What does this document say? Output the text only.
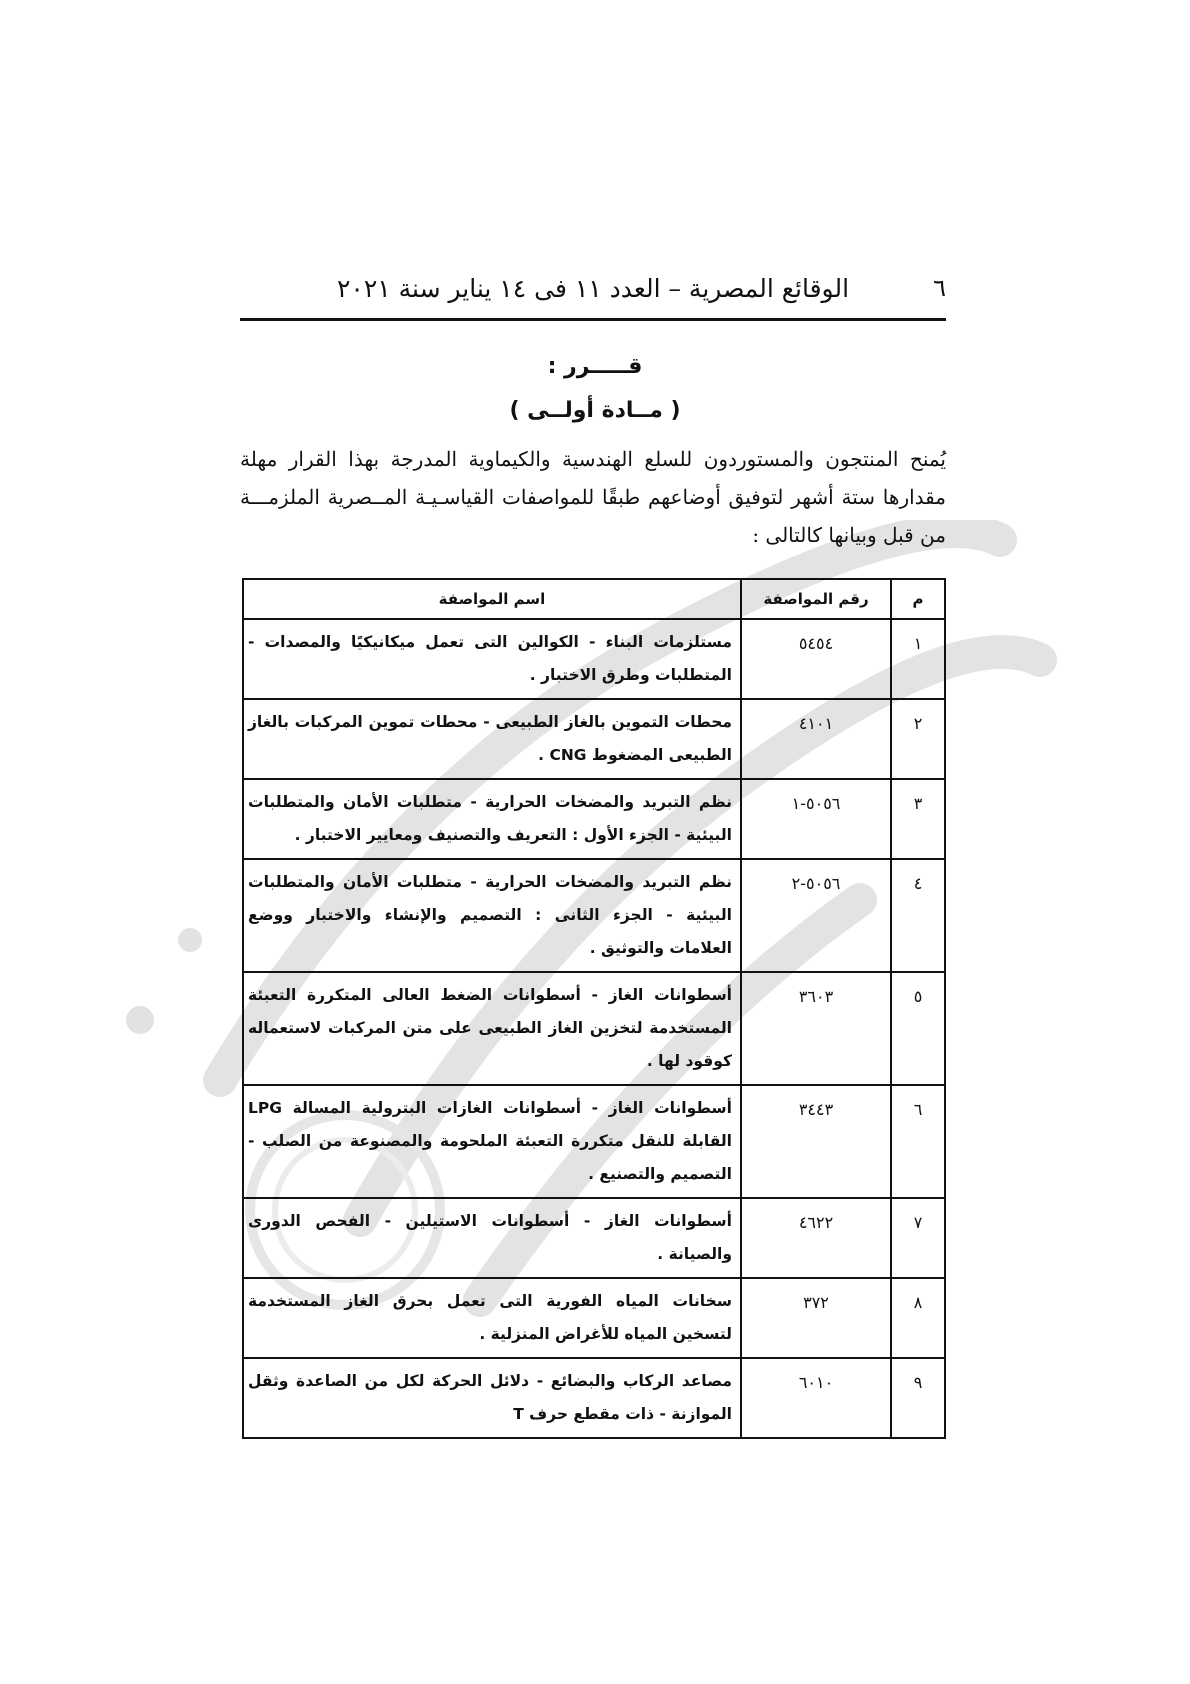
٦
الوقائع المصرية – العدد ١١ فى ١٤ يناير سنة ٢٠٢١
قـــــرر :
( مــادة أولــى )
يُمنح المنتجون والمستوردون للسلع الهندسية والكيماوية المدرجة بهذا القرار مهلة
مقدارها ستة أشهر لتوفيق أوضاعهم طبقًا للمواصفات القياسـيـة المــصرية الملزمـــة
من قبل وبيانها كالتالى :
م	رقم المواصفة	اسم المواصفة
١	٥٤٥٤	مستلزمات البناء - الكوالين التى تعمل ميكانيكيًا والمصدات - المتطلبات وطرق الاختبار .
٢	٤١٠١	محطات التموين بالغاز الطبيعى - محطات تموين المركبات بالغاز الطبيعى المضغوط CNG .
٣	٥٠٥٦-١	نظم التبريد والمضخات الحرارية - متطلبات الأمان والمتطلبات البيئية - الجزء الأول : التعريف والتصنيف ومعايير الاختبار .
٤	٥٠٥٦-٢	نظم التبريد والمضخات الحرارية - متطلبات الأمان والمتطلبات البيئية - الجزء الثانى : التصميم والإنشاء والاختبار ووضع العلامات والتوثيق .
٥	٣٦٠٣	أسطوانات الغاز - أسطوانات الضغط العالى المتكررة التعبئة المستخدمة لتخزين الغاز الطبيعى على متن المركبات لاستعماله كوقود لها .
٦	٣٤٤٣	أسطوانات الغاز - أسطوانات الغازات البترولية المسالة LPG القابلة للنقل متكررة التعبئة الملحومة والمصنوعة من الصلب - التصميم والتصنيع .
٧	٤٦٢٢	أسطوانات الغاز - أسطوانات الاستيلين - الفحص الدورى والصيانة .
٨	٣٧٢	سخانات المياه الفورية التى تعمل بحرق الغاز المستخدمة لتسخين المياه للأغراض المنزلية .
٩	٦٠١٠	مصاعد الركاب والبضائع - دلائل الحركة لكل من الصاعدة وثقل الموازنة - ذات مقطع حرف T
